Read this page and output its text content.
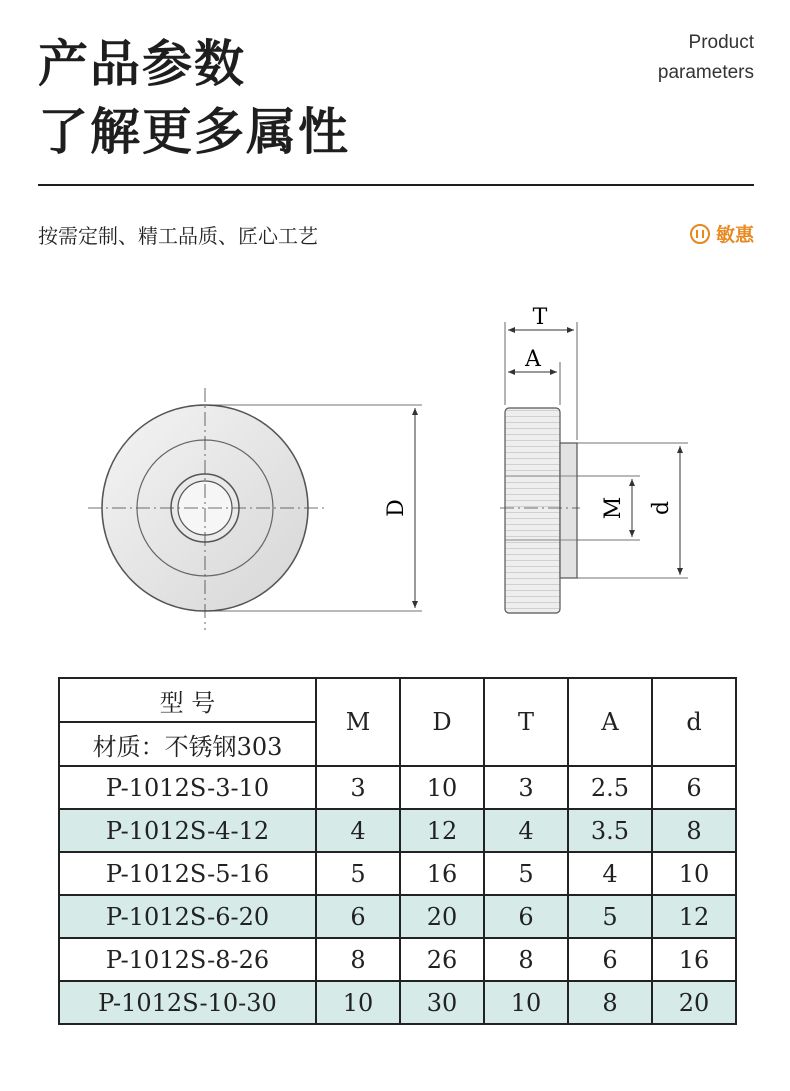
产品参数
了解更多属性
Product
parameters
按需定制、精工品质、匠心工艺	敏惠
D
T
A
M d
型 号	M	D	T	A	d
材质：不锈钢303					
P-1012S-3-10	3	10	3	2.5	6
P-1012S-4-12	4	12	4	3.5	8
P-1012S-5-16	5	16	5	4	10
P-1012S-6-20	6	20	6	5	12
P-1012S-8-26	8	26	8	6	16
P-1012S-10-30	10	30	10	8	20
